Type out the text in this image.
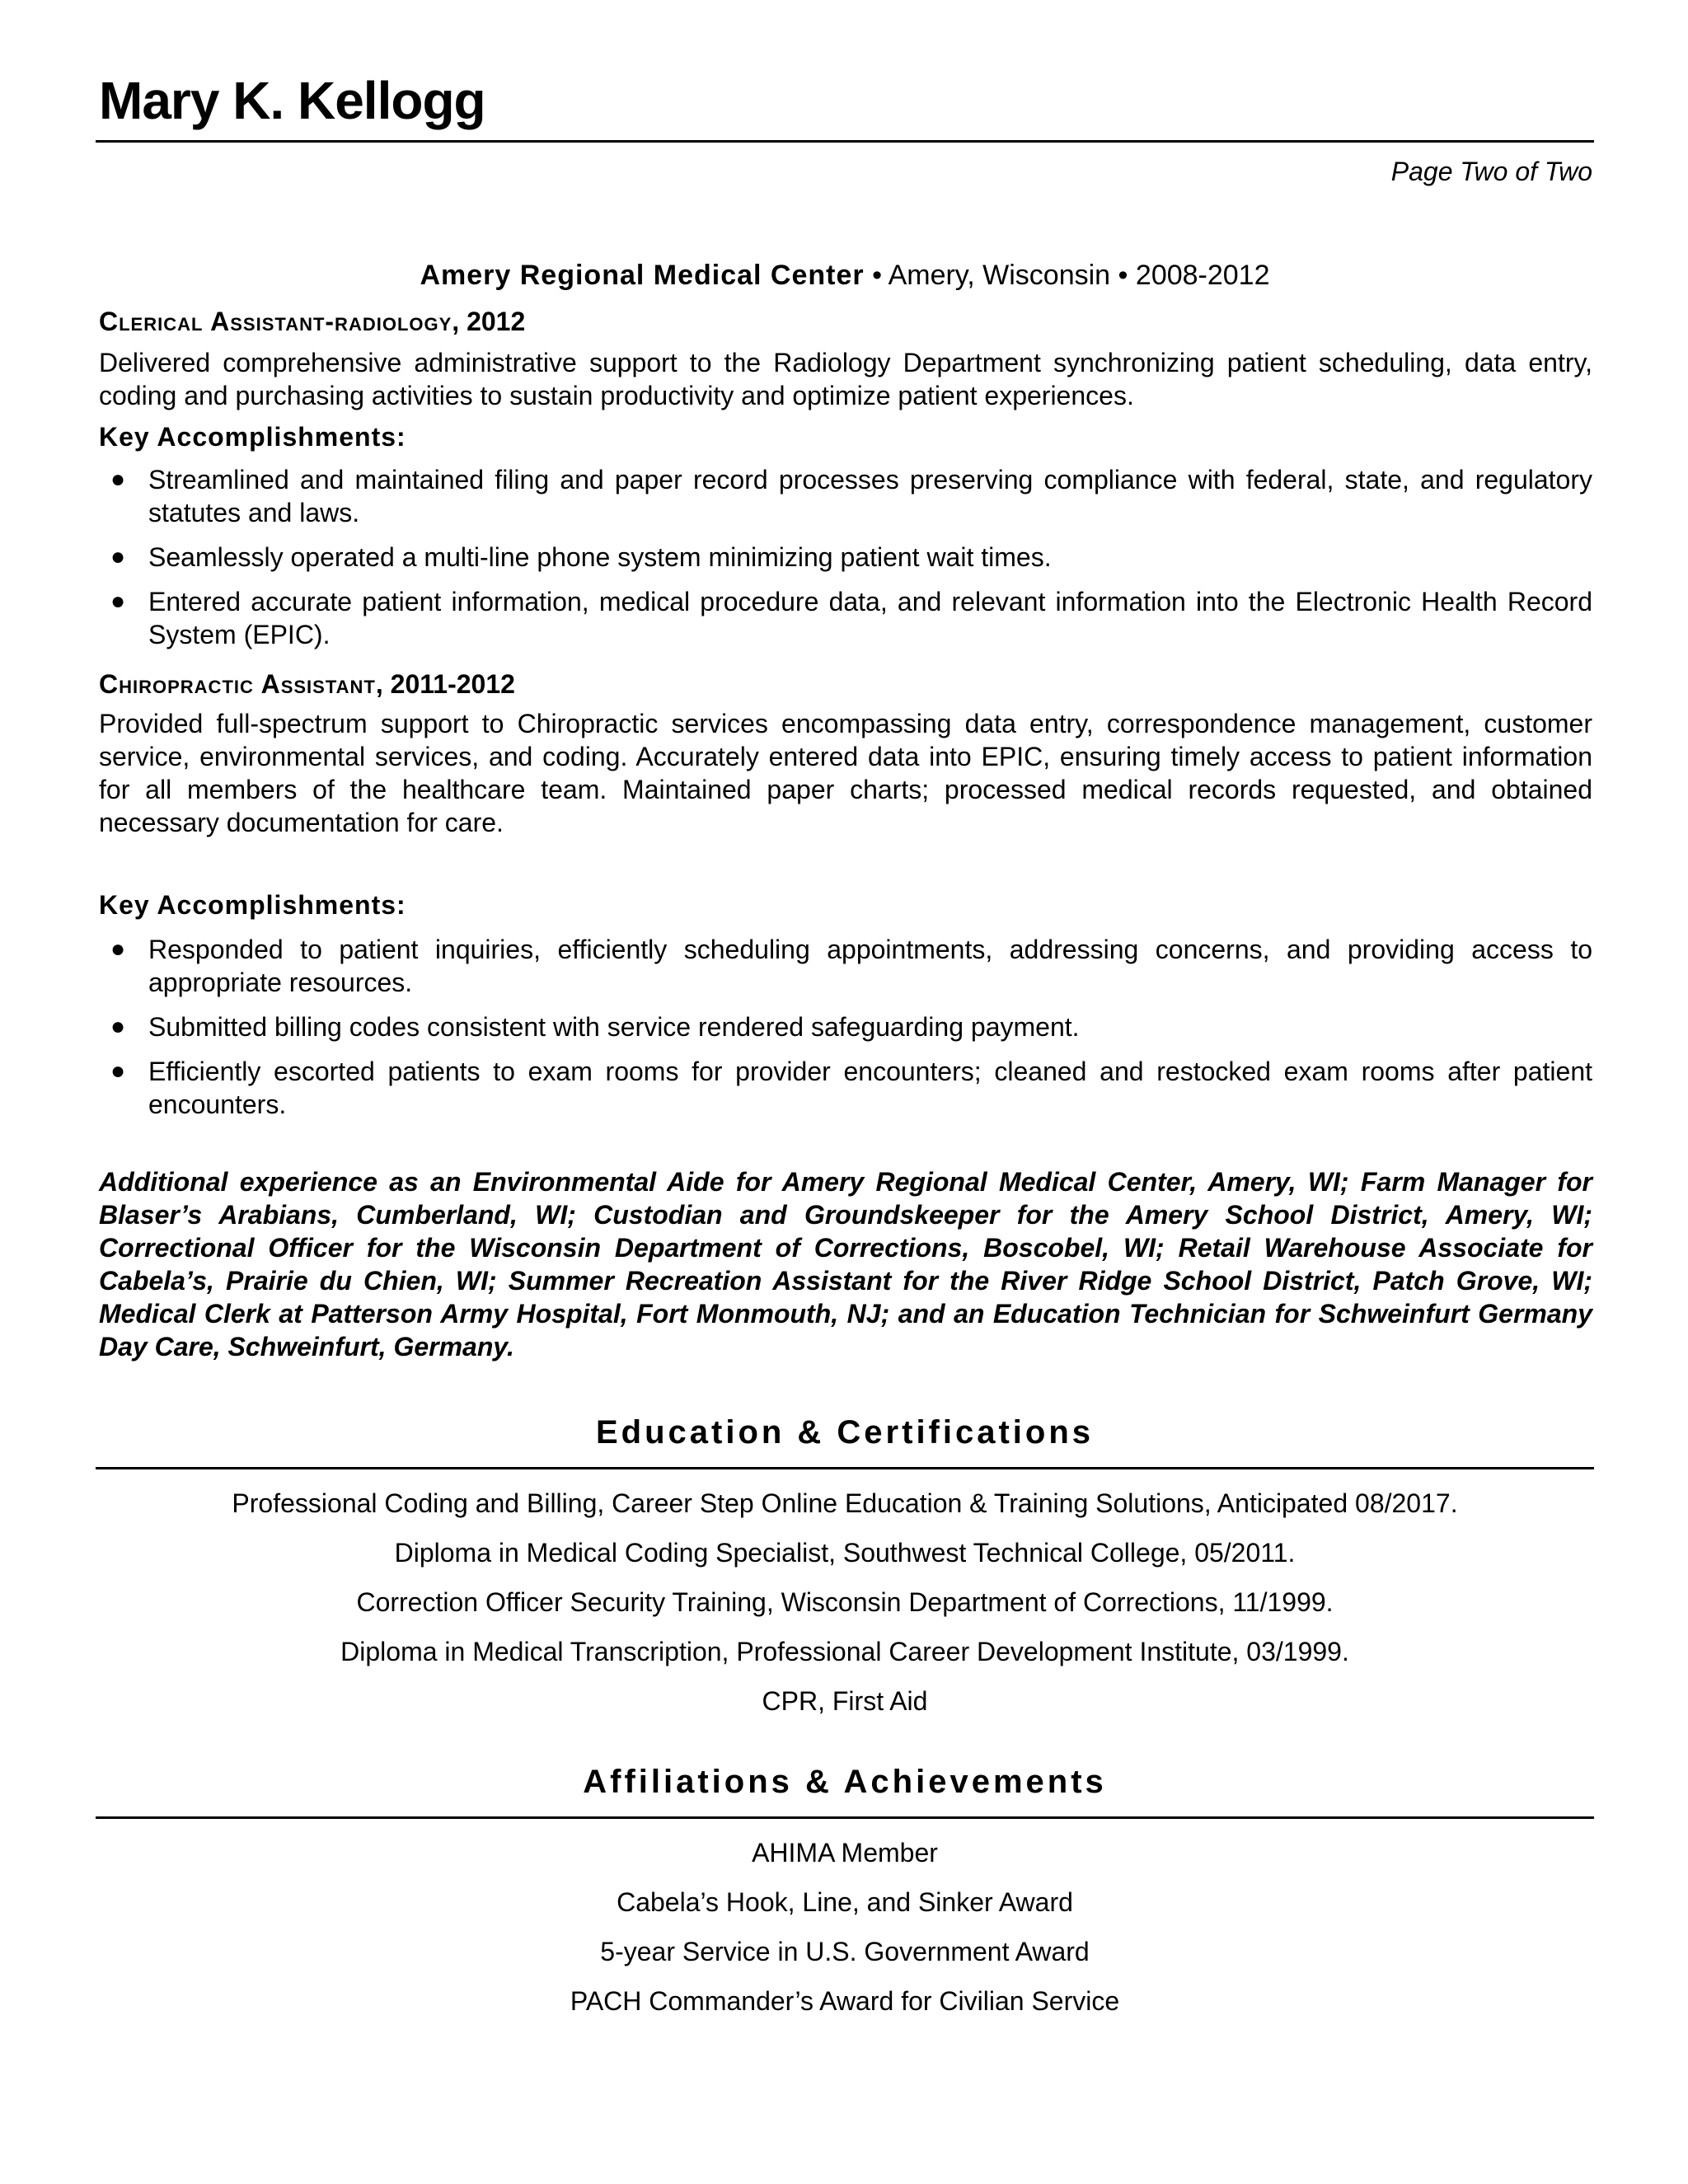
Mary K. Kellogg
Page Two of Two
Amery Regional Medical Center • Amery, Wisconsin • 2008-2012
Clerical Assistant-radiology, 2012
Delivered comprehensive administrative support to the Radiology Department synchronizing patient scheduling, data entry, coding and purchasing activities to sustain productivity and optimize patient experiences.
Key Accomplishments:
● Streamlined and maintained filing and paper record processes preserving compliance with federal, state, and regulatory statutes and laws.
● Seamlessly operated a multi-line phone system minimizing patient wait times.
● Entered accurate patient information, medical procedure data, and relevant information into the Electronic Health Record System (EPIC).
Chiropractic Assistant, 2011-2012
Provided full-spectrum support to Chiropractic services encompassing data entry, correspondence management, customer service, environmental services, and coding. Accurately entered data into EPIC, ensuring timely access to patient information for all members of the healthcare team. Maintained paper charts; processed medical records requested, and obtained necessary documentation for care.
Key Accomplishments:
● Responded to patient inquiries, efficiently scheduling appointments, addressing concerns, and providing access to appropriate resources.
● Submitted billing codes consistent with service rendered safeguarding payment.
● Efficiently escorted patients to exam rooms for provider encounters; cleaned and restocked exam rooms after patient encounters.
Additional experience as an Environmental Aide for Amery Regional Medical Center, Amery, WI; Farm Manager for Blaser’s Arabians, Cumberland, WI; Custodian and Groundskeeper for the Amery School District, Amery, WI; Correctional Officer for the Wisconsin Department of Corrections, Boscobel, WI; Retail Warehouse Associate for Cabela’s, Prairie du Chien, WI; Summer Recreation Assistant for the River Ridge School District, Patch Grove, WI; Medical Clerk at Patterson Army Hospital, Fort Monmouth, NJ; and an Education Technician for Schweinfurt Germany Day Care, Schweinfurt, Germany.
Education & Certifications
Professional Coding and Billing, Career Step Online Education & Training Solutions, Anticipated 08/2017.
Diploma in Medical Coding Specialist, Southwest Technical College, 05/2011.
Correction Officer Security Training, Wisconsin Department of Corrections, 11/1999.
Diploma in Medical Transcription, Professional Career Development Institute, 03/1999.
CPR, First Aid
Affiliations & Achievements
AHIMA Member
Cabela’s Hook, Line, and Sinker Award
5-year Service in U.S. Government Award
PACH Commander’s Award for Civilian Service
